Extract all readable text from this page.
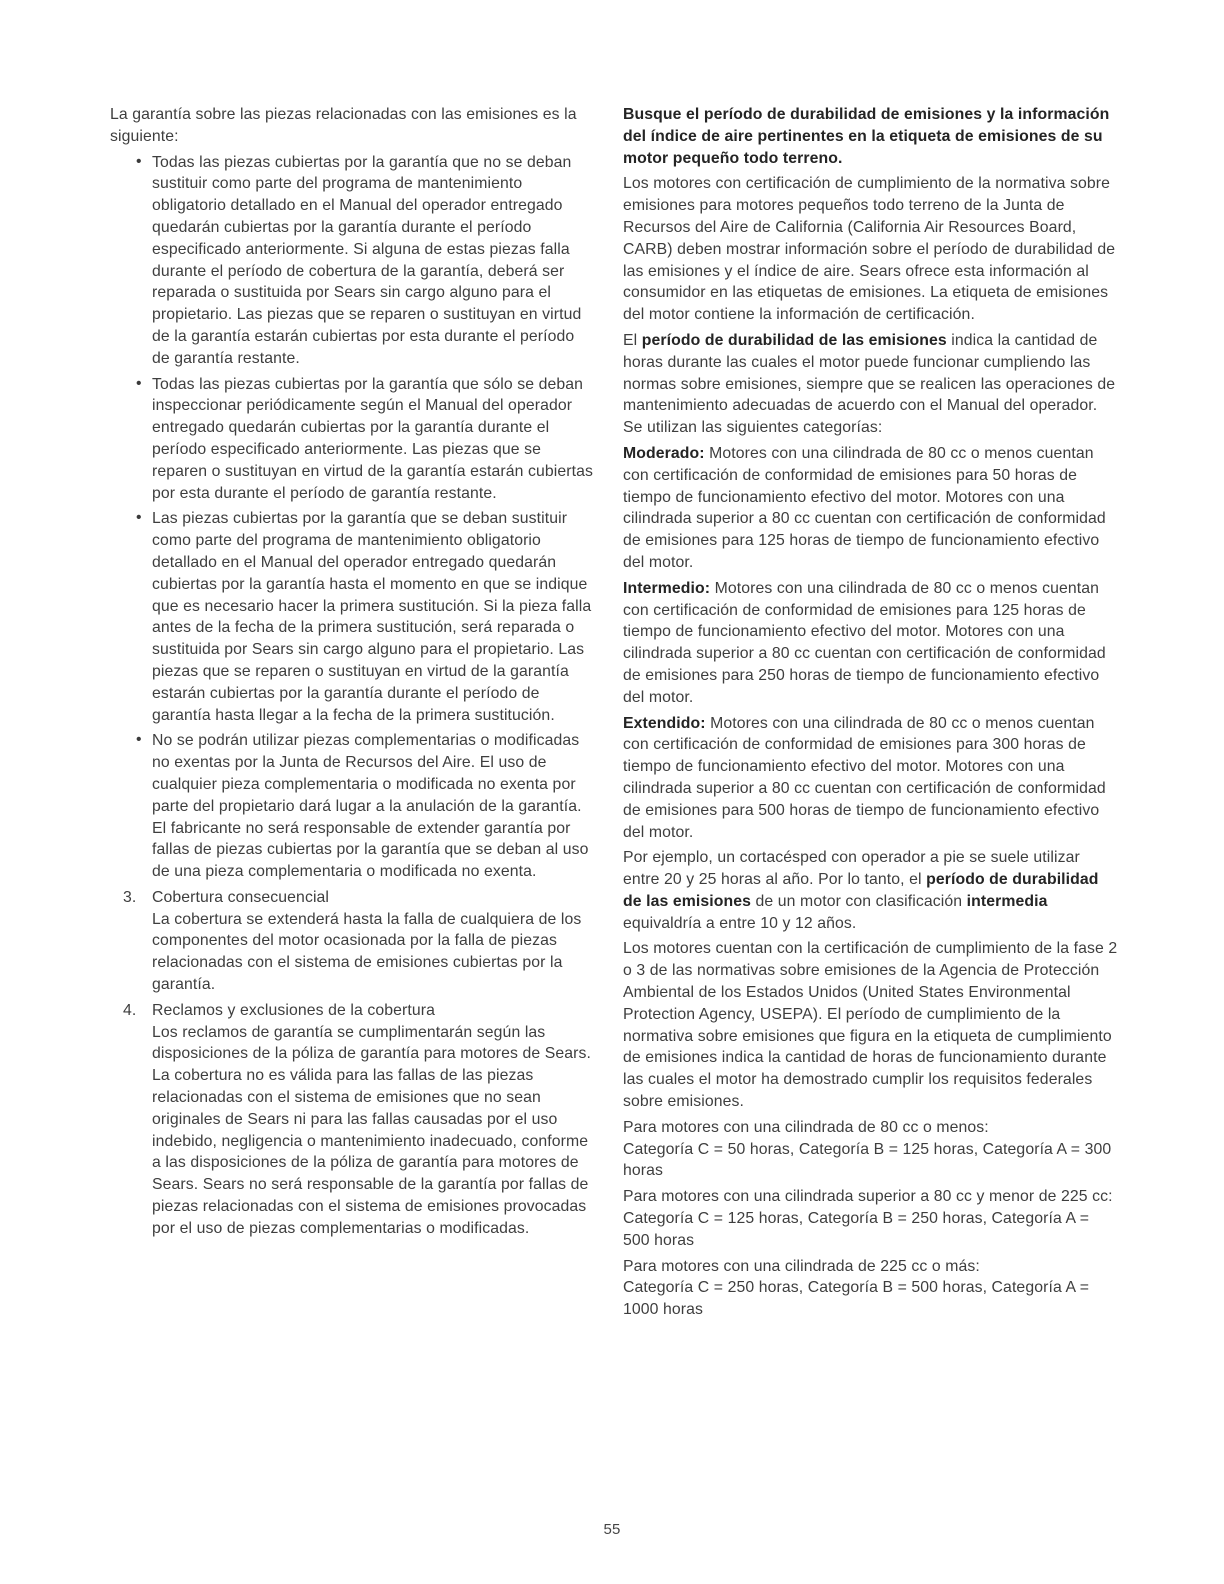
La garantía sobre las piezas relacionadas con las emisiones es la siguiente:

• Todas las piezas cubiertas por la garantía que no se deban sustituir como parte del programa de mantenimiento obligatorio detallado en el Manual del operador entregado quedarán cubiertas por la garantía durante el período especificado anteriormente. Si alguna de estas piezas falla durante el período de cobertura de la garantía, deberá ser reparada o sustituida por Sears sin cargo alguno para el propietario. Las piezas que se reparen o sustituyan en virtud de la garantía estarán cubiertas por esta durante el período de garantía restante.
• Todas las piezas cubiertas por la garantía que sólo se deban inspeccionar periódicamente según el Manual del operador entregado quedarán cubiertas por la garantía durante el período especificado anteriormente. Las piezas que se reparen o sustituyan en virtud de la garantía estarán cubiertas por esta durante el período de garantía restante.
• Las piezas cubiertas por la garantía que se deban sustituir como parte del programa de mantenimiento obligatorio detallado en el Manual del operador entregado quedarán cubiertas por la garantía hasta el momento en que se indique que es necesario hacer la primera sustitución. Si la pieza falla antes de la fecha de la primera sustitución, será reparada o sustituida por Sears sin cargo alguno para el propietario. Las piezas que se reparen o sustituyan en virtud de la garantía estarán cubiertas por la garantía durante el período de garantía hasta llegar a la fecha de la primera sustitución.
• No se podrán utilizar piezas complementarias o modificadas no exentas por la Junta de Recursos del Aire. El uso de cualquier pieza complementaria o modificada no exenta por parte del propietario dará lugar a la anulación de la garantía. El fabricante no será responsable de extender garantía por fallas de piezas cubiertas por la garantía que se deban al uso de una pieza complementaria o modificada no exenta.
3. Cobertura consecuencial
La cobertura se extenderá hasta la falla de cualquiera de los componentes del motor ocasionada por la falla de piezas relacionadas con el sistema de emisiones cubiertas por la garantía.
4. Reclamos y exclusiones de la cobertura
Los reclamos de garantía se cumplimentarán según las disposiciones de la póliza de garantía para motores de Sears. La cobertura no es válida para las fallas de las piezas relacionadas con el sistema de emisiones que no sean originales de Sears ni para las fallas causadas por el uso indebido, negligencia o mantenimiento inadecuado, conforme a las disposiciones de la póliza de garantía para motores de Sears. Sears no será responsable de la garantía por fallas de piezas relacionadas con el sistema de emisiones provocadas por el uso de piezas complementarias o modificadas.
Busque el período de durabilidad de emisiones y la información del índice de aire pertinentes en la etiqueta de emisiones de su motor pequeño todo terreno.
Los motores con certificación de cumplimiento de la normativa sobre emisiones para motores pequeños todo terreno de la Junta de Recursos del Aire de California (California Air Resources Board, CARB) deben mostrar información sobre el período de durabilidad de las emisiones y el índice de aire. Sears ofrece esta información al consumidor en las etiquetas de emisiones. La etiqueta de emisiones del motor contiene la información de certificación.
El período de durabilidad de las emisiones indica la cantidad de horas durante las cuales el motor puede funcionar cumpliendo las normas sobre emisiones, siempre que se realicen las operaciones de mantenimiento adecuadas de acuerdo con el Manual del operador. Se utilizan las siguientes categorías:
Moderado: Motores con una cilindrada de 80 cc o menos cuentan con certificación de conformidad de emisiones para 50 horas de tiempo de funcionamiento efectivo del motor. Motores con una cilindrada superior a 80 cc cuentan con certificación de conformidad de emisiones para 125 horas de tiempo de funcionamiento efectivo del motor.
Intermedio: Motores con una cilindrada de 80 cc o menos cuentan con certificación de conformidad de emisiones para 125 horas de tiempo de funcionamiento efectivo del motor. Motores con una cilindrada superior a 80 cc cuentan con certificación de conformidad de emisiones para 250 horas de tiempo de funcionamiento efectivo del motor.
Extendido: Motores con una cilindrada de 80 cc o menos cuentan con certificación de conformidad de emisiones para 300 horas de tiempo de funcionamiento efectivo del motor. Motores con una cilindrada superior a 80 cc cuentan con certificación de conformidad de emisiones para 500 horas de tiempo de funcionamiento efectivo del motor.
Por ejemplo, un cortacésped con operador a pie se suele utilizar entre 20 y 25 horas al año. Por lo tanto, el período de durabilidad de las emisiones de un motor con clasificación intermedia equivaldría a entre 10 y 12 años.
Los motores cuentan con la certificación de cumplimiento de la fase 2 o 3 de las normativas sobre emisiones de la Agencia de Protección Ambiental de los Estados Unidos (United States Environmental Protection Agency, USEPA). El período de cumplimiento de la normativa sobre emisiones que figura en la etiqueta de cumplimiento de emisiones indica la cantidad de horas de funcionamiento durante las cuales el motor ha demostrado cumplir los requisitos federales sobre emisiones.
Para motores con una cilindrada de 80 cc o menos:
Categoría C = 50 horas, Categoría B = 125 horas, Categoría A = 300 horas
Para motores con una cilindrada superior a 80 cc y menor de 225 cc:
Categoría C = 125 horas, Categoría B = 250 horas, Categoría A = 500 horas
Para motores con una cilindrada de 225 cc o más:
Categoría C = 250 horas, Categoría B = 500 horas, Categoría A = 1000 horas
55
